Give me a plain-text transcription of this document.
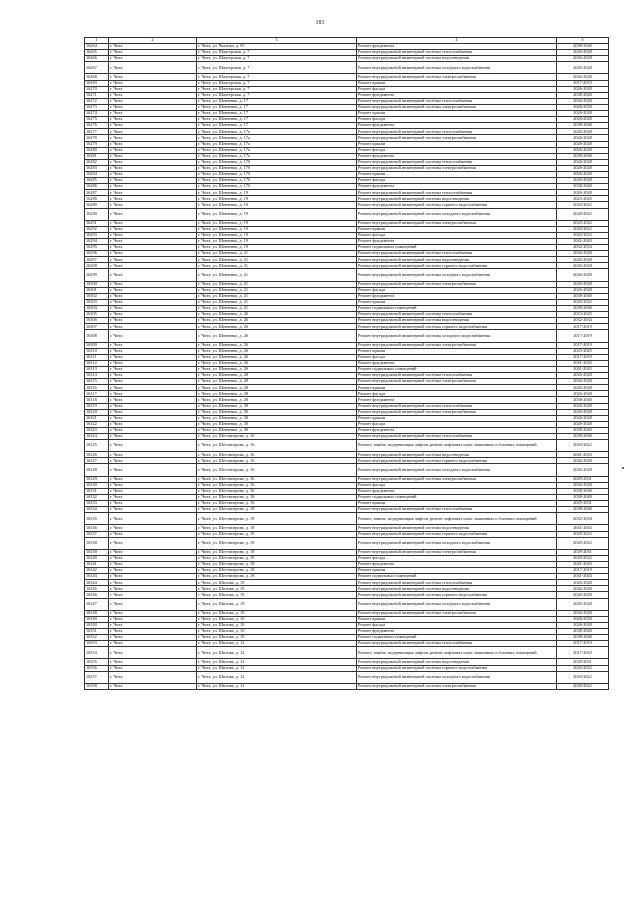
181
1	2	3	4	5
16264	г. Чита	г. Чита, ул. Чкалова, д. 95	Ремонт фундамента	2038-2040
16265	г. Чита	г. Чита, ул. Шахтерская, д. 7	Ремонт внутридомовой инженерной системы теплоснабжения	2026-2028
16266	г. Чита	г. Чита, ул. Шахтерская, д. 7	Ремонт внутридомовой инженерной системы водоотведения	2026-2028
16267	г. Чита	г. Чита, ул. Шахтерская, д. 7	Ремонт внутридомовой инженерной системы холодного водоснабжения	2026-2028
16268	г. Чита	г. Чита, ул. Шахтерская, д. 7	Ремонт внутридомовой инженерной системы электроснабжения	2026-2028
16269	г. Чита	г. Чита, ул. Шахтерская, д. 7	Ремонт крыши	2017-2019
16270	г. Чита	г. Чита, ул. Шахтерская, д. 7	Ремонт фасада	2026-2028
16271	г. Чита	г. Чита, ул. Шахтерская, д. 7	Ремонт фундамента	2038-2040
16272	г. Чита	г. Чита, ул. Шевченко, д. 17	Ремонт внутридомовой инженерной системы теплоснабжения	2026-2028
16273	г. Чита	г. Чита, ул. Шевченко, д. 17	Ремонт внутридомовой инженерной системы электроснабжения	2026-2028
16274	г. Чита	г. Чита, ул. Шевченко, д. 17	Ремонт крыши	2026-2028
16275	г. Чита	г. Чита, ул. Шевченко, д. 17	Ремонт фасада	2026-2028
16276	г. Чита	г. Чита, ул. Шевченко, д. 17	Ремонт фундамента	2038-2040
16277	г. Чита	г. Чита, ул. Шевченко, д. 17а	Ремонт внутридомовой инженерной системы теплоснабжения	2026-2028
16278	г. Чита	г. Чита, ул. Шевченко, д. 17а	Ремонт внутридомовой инженерной системы электроснабжения	2026-2028
16279	г. Чита	г. Чита, ул. Шевченко, д. 17а	Ремонт крыши	2026-2028
16280	г. Чита	г. Чита, ул. Шевченко, д. 17а	Ремонт фасада	2026-2028
16281	г. Чита	г. Чита, ул. Шевченко, д. 17а	Ремонт фундамента	2038-2040
16282	г. Чита	г. Чита, ул. Шевченко, д. 17б	Ремонт внутридомовой инженерной системы теплоснабжения	2026-2028
16283	г. Чита	г. Чита, ул. Шевченко, д. 17б	Ремонт внутридомовой инженерной системы электроснабжения	2026-2028
16284	г. Чита	г. Чита, ул. Шевченко, д. 17б	Ремонт крыши	2026-2028
16285	г. Чита	г. Чита, ул. Шевченко, д. 17б	Ремонт фасада	2026-2028
16286	г. Чита	г. Чита, ул. Шевченко, д. 17б	Ремонт фундамента	2038-2040
16287	г. Чита	г. Чита, ул. Шевченко, д. 19	Ремонт внутридомовой инженерной системы теплоснабжения	2026-2028
16288	г. Чита	г. Чита, ул. Шевченко, д. 19	Ремонт внутридомовой инженерной системы водоотведения	2023-2025
16289	г. Чита	г. Чита, ул. Шевченко, д. 19	Ремонт внутридомовой инженерной системы горячего водоснабжения	2020-2022
16290	г. Чита	г. Чита, ул. Шевченко, д. 19	Ремонт внутридомовой инженерной системы холодного водоснабжения	2020-2022
16291	г. Чита	г. Чита, ул. Шевченко, д. 19	Ремонт внутридомовой инженерной системы электроснабжения	2020-2022
16292	г. Чита	г. Чита, ул. Шевченко, д. 19	Ремонт крыши	2020-2022
16293	г. Чита	г. Чита, ул. Шевченко, д. 19	Ремонт фасада	2020-2022
16294	г. Чита	г. Чита, ул. Шевченко, д. 19	Ремонт фундамента	2041-2043
16295	г. Чита	г. Чита, ул. Шевченко, д. 19	Ремонт подвальных помещений	2032-2034
16296	г. Чита	г. Чита, ул. Шевченко, д. 21	Ремонт внутридомовой инженерной системы теплоснабжения	2026-2028
16297	г. Чита	г. Чита, ул. Шевченко, д. 21	Ремонт внутридомовой инженерной системы водоотведения	2026-2028
16298	г. Чита	г. Чита, ул. Шевченко, д. 21	Ремонт внутридомовой инженерной системы горячего водоснабжения	2026-2028
16299	г. Чита	г. Чита, ул. Шевченко, д. 21	Ремонт внутридомовой инженерной системы холодного водоснабжения	2026-2028
16300	г. Чита	г. Чита, ул. Шевченко, д. 21	Ремонт внутридомовой инженерной системы электроснабжения	2026-2028
16301	г. Чита	г. Чита, ул. Шевченко, д. 21	Ремонт фасада	2026-2028
16302	г. Чита	г. Чита, ул. Шевченко, д. 21	Ремонт фундамента	2038-2040
16303	г. Чита	г. Чита, ул. Шевченко, д. 21	Ремонт крыши	2020-2022
16304	г. Чита	г. Чита, ул. Шевченко, д. 21	Ремонт подвальных помещений	2038-2040
16305	г. Чита	г. Чита, ул. Шевченко, д. 26	Ремонт внутридомовой инженерной системы теплоснабжения	2023-2025
16306	г. Чита	г. Чита, ул. Шевченко, д. 26	Ремонт внутридомовой инженерной системы водоотведения	2032-2034
16307	г. Чита	г. Чита, ул. Шевченко, д. 26	Ремонт внутридомовой инженерной системы горячего водоснабжения	2017-2019
16308	г. Чита	г. Чита, ул. Шевченко, д. 26	Ремонт внутридомовой инженерной системы холодного водоснабжения	2017-2019
16309	г. Чита	г. Чита, ул. Шевченко, д. 26	Ремонт внутридомовой инженерной системы электроснабжения	2017-2019
16310	г. Чита	г. Чита, ул. Шевченко, д. 26	Ремонт крыши	2023-2025
16311	г. Чита	г. Чита, ул. Шевченко, д. 26	Ремонт фасада	2017-2019
16312	г. Чита	г. Чита, ул. Шевченко, д. 26	Ремонт фундамента	2041-2043
16313	г. Чита	г. Чита, ул. Шевченко, д. 26	Ремонт подвальных помещений	2041-2043
16314	г. Чита	г. Чита, ул. Шевченко, д. 28	Ремонт внутридомовой инженерной системы теплоснабжения	2026-2028
16315	г. Чита	г. Чита, ул. Шевченко, д. 28	Ремонт внутридомовой инженерной системы электроснабжения	2026-2028
16316	г. Чита	г. Чита, ул. Шевченко, д. 28	Ремонт крыши	2026-2028
16317	г. Чита	г. Чита, ул. Шевченко, д. 28	Ремонт фасада	2026-2028
16318	г. Чита	г. Чита, ул. Шевченко, д. 28	Ремонт фундамента	2038-2040
16319	г. Чита	г. Чита, ул. Шевченко, д. 30	Ремонт внутридомовой инженерной системы теплоснабжения	2026-2028
16320	г. Чита	г. Чита, ул. Шевченко, д. 30	Ремонт внутридомовой инженерной системы электроснабжения	2026-2028
16321	г. Чита	г. Чита, ул. Шевченко, д. 30	Ремонт крыши	2026-2028
16322	г. Чита	г. Чита, ул. Шевченко, д. 30	Ремонт фасада	2026-2028
16323	г. Чита	г. Чита, ул. Шевченко, д. 30	Ремонт фундамента	2038-2040
16324	г. Чита	г. Чита, ул. Шестиперова, д. 16	Ремонт внутридомовой инженерной системы теплоснабжения	2038-2040
16325	г. Чита	г. Чита, ул. Шестиперова, д. 16	Ремонт, замена, модернизация лифтов, ремонт лифтовых шахт, машинных и блочных помещений	2020-2022
16326	г. Чита	г. Чита, ул. Шестиперова, д. 16	Ремонт внутридомовой инженерной системы водоотведения	2041-2043
16327	г. Чита	г. Чита, ул. Шестиперова, д. 16	Ремонт внутридомовой инженерной системы горячего водоснабжения	2026-2028
16328	г. Чита	г. Чита, ул. Шестиперова, д. 16	Ремонт внутридомовой инженерной системы холодного водоснабжения	2026-2028
16329	г. Чита	г. Чита, ул. Шестиперова, д. 16	Ремонт внутридомовой инженерной системы электроснабжения	2029-2031
16330	г. Чита	г. Чита, ул. Шестиперова, д. 16	Ремонт фасада	2026-2028
16331	г. Чита	г. Чита, ул. Шестиперова, д. 16	Ремонт фундамента	2038-2040
16332	г. Чита	г. Чита, ул. Шестиперова, д. 16	Ремонт подвальных помещений	2038-2040
16333	г. Чита	г. Чита, ул. Шестиперова, д. 16	Ремонт крыши	2029-2031
16334	г. Чита	г. Чита, ул. Шестиперова, д. 18	Ремонт внутридомовой инженерной системы теплоснабжения	2038-2040
16335	г. Чита	г. Чита, ул. Шестиперова, д. 18	Ремонт, замена, модернизация лифтов, ремонт лифтовых шахт, машинных и блочных помещений	2032-2034
16336	г. Чита	г. Чита, ул. Шестиперова, д. 18	Ремонт внутридомовой инженерной системы водоотведения	2041-2043
16337	г. Чита	г. Чита, ул. Шестиперова, д. 18	Ремонт внутридомовой инженерной системы горячего водоснабжения	2020-2022
16338	г. Чита	г. Чита, ул. Шестиперова, д. 18	Ремонт внутридомовой инженерной системы холодного водоснабжения	2020-2022
16339	г. Чита	г. Чита, ул. Шестиперова, д. 18	Ремонт внутридомовой инженерной системы электроснабжения	2029-2031
16340	г. Чита	г. Чита, ул. Шестиперова, д. 18	Ремонт фасада	2020-2022
16341	г. Чита	г. Чита, ул. Шестиперова, д. 18	Ремонт фундамента	2041-2043
16342	г. Чита	г. Чита, ул. Шестиперова, д. 18	Ремонт крыши	2017-2019
16343	г. Чита	г. Чита, ул. Шестиперова, д. 18	Ремонт подвальных помещений	2041-2043
16344	г. Чита	г. Чита, ул. Шилова, д. 19	Ремонт внутридомовой инженерной системы теплоснабжения	2026-2028
16345	г. Чита	г. Чита, ул. Шилова, д. 19	Ремонт внутридомовой инженерной системы водоотведения	2026-2028
16346	г. Чита	г. Чита, ул. Шилова, д. 19	Ремонт внутридомовой инженерной системы горячего водоснабжения	2026-2028
16347	г. Чита	г. Чита, ул. Шилова, д. 19	Ремонт внутридомовой инженерной системы холодного водоснабжения	2026-2028
16348	г. Чита	г. Чита, ул. Шилова, д. 10	Ремонт внутридомовой инженерной системы электроснабжения	2026-2028
16349	г. Чита	г. Чита, ул. Шилова, д. 10	Ремонт крыши	2026-2028
16350	г. Чита	г. Чита, ул. Шилова, д. 10	Ремонт фасада	2026-2028
16351	г. Чита	г. Чита, ул. Шилова, д. 10	Ремонт фундамента	2038-2040
16352	г. Чита	г. Чита, ул. Шилова, д. 10	Ремонт подвальных помещений	2038-2040
16353	г. Чита	г. Чита, ул. Шилова, д. 12	Ремонт внутридомовой инженерной системы теплоснабжения	2017-2019
16354	г. Чита	г. Чита, ул. Шилова, д. 12	Ремонт, замена, модернизация лифтов, ремонт лифтовых шахт, машинных и блочных помещений	2017-2019
16355	г. Чита	г. Чита, ул. Шилова, д. 12	Ремонт внутридомовой инженерной системы водоотведения	2029-2031
16356	г. Чита	г. Чита, ул. Шилова, д. 12	Ремонт внутридомовой инженерной системы горячего водоснабжения	2020-2022
16357	г. Чита	г. Чита, ул. Шилова, д. 12	Ремонт внутридомовой инженерной системы холодного водоснабжения	2020-2022
16358	г. Чита	г. Чита, ул. Шилова, д. 12	Ремонт внутридомовой инженерной системы электроснабжения	2020-2022
